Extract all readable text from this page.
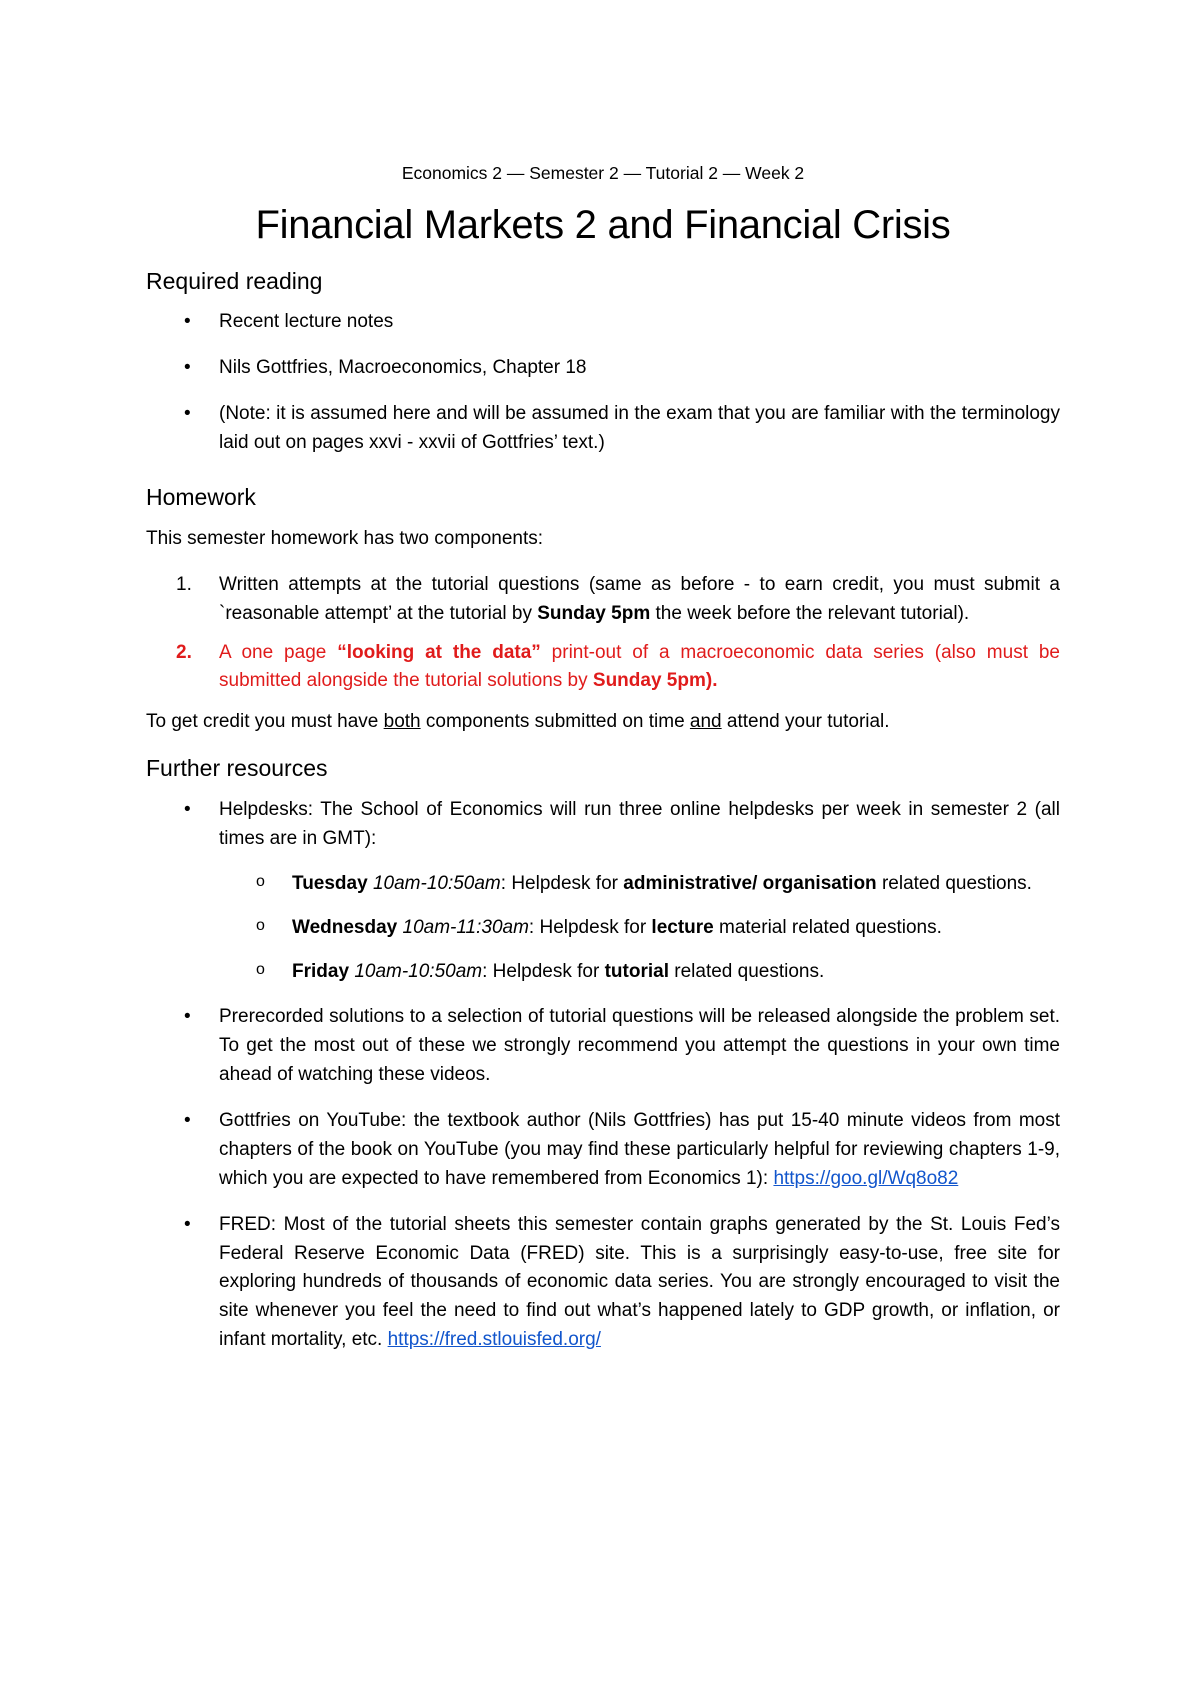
Economics 2 — Semester 2 — Tutorial 2 — Week 2
Financial Markets 2 and Financial Crisis
Required reading
• Recent lecture notes
• Nils Gottfries, Macroeconomics, Chapter 18
• (Note: it is assumed here and will be assumed in the exam that you are familiar with the terminology laid out on pages xxvi - xxvii of Gottfries’ text.)
Homework

This semester homework has two components:

1. Written attempts at the tutorial questions (same as before - to earn credit, you must submit a `reasonable attempt’ at the tutorial by Sunday 5pm the week before the relevant tutorial).
2. A one page “looking at the data” print-out of a macroeconomic data series (also must be submitted alongside the tutorial solutions by Sunday 5pm).

To get credit you must have both components submitted on time and attend your tutorial.

Further resources
• Helpdesks: The School of Economics will run three online helpdesks per week in semester 2 (all times are in GMT):
o Tuesday 10am-10:50am: Helpdesk for administrative/ organisation related questions.
o Wednesday 10am-11:30am: Helpdesk for lecture material related questions.
o Friday 10am-10:50am: Helpdesk for tutorial related questions.
• Prerecorded solutions to a selection of tutorial questions will be released alongside the problem set. To get the most out of these we strongly recommend you attempt the questions in your own time ahead of watching these videos.
• Gottfries on YouTube: the textbook author (Nils Gottfries) has put 15-40 minute videos from most chapters of the book on YouTube (you may find these particularly helpful for reviewing chapters 1-9, which you are expected to have remembered from Economics 1): https://goo.gl/Wq8o82
• FRED: Most of the tutorial sheets this semester contain graphs generated by the St. Louis Fed’s Federal Reserve Economic Data (FRED) site. This is a surprisingly easy-to-use, free site for exploring hundreds of thousands of economic data series. You are strongly encouraged to visit the site whenever you feel the need to find out what’s happened lately to GDP growth, or inflation, or infant mortality, etc. https://fred.stlouisfed.org/
